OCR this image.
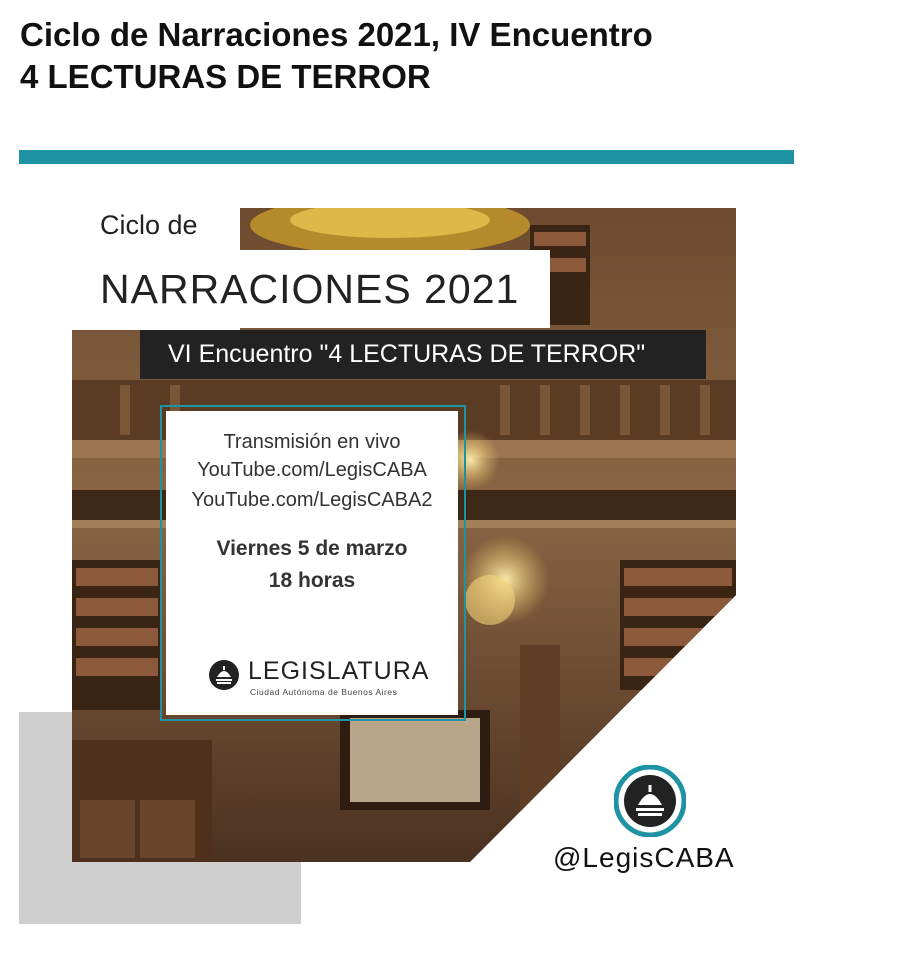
Ciclo de Narraciones 2021, IV Encuentro
4 LECTURAS DE TERROR
Ciclo de
NARRACIONES 2021
VI Encuentro "4 LECTURAS DE TERROR"
Transmisión en vivo
YouTube.com/LegisCABA
YouTube.com/LegisCABA2
Viernes 5 de marzo
18 horas
LEGISLATURA
Ciudad Autónoma de Buenos Aires
@LegisCABA
